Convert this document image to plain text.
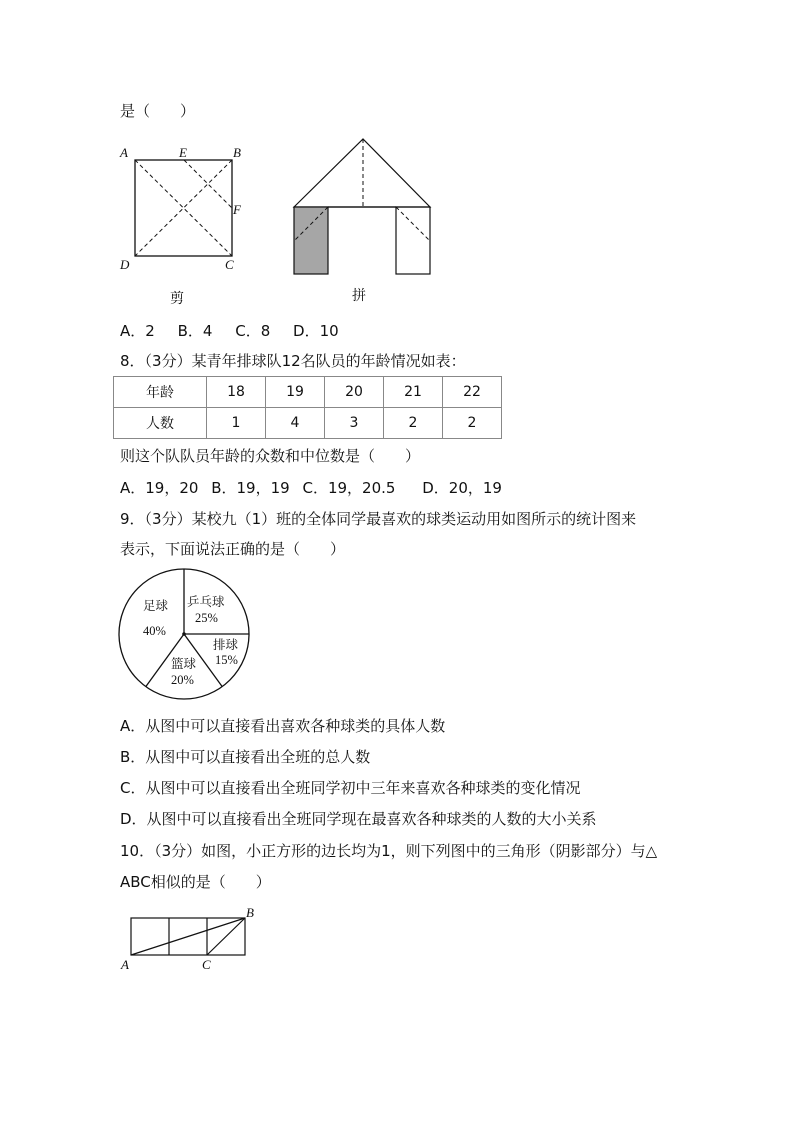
是（　　）
A	E	B
F
D	C
剪	拼
A．2 B．4 C．8 D．10
8．（3分）某青年排球队12名队员的年龄情况如表：
年龄	18	19	20	21	22
人数	1	4	3	2	2
则这个队队员年龄的众数和中位数是（　　）
A．19，20 B．19，19 C．19，20.5 D．20，19
9．（3分）某校九（1）班的全体同学最喜欢的球类运动用如图所示的统计图来
表示，下面说法正确的是（　　）
足球
40%
乒乓球
25%
排球
15%
篮球
20%
A．从图中可以直接看出喜欢各种球类的具体人数
B．从图中可以直接看出全班的总人数
C．从图中可以直接看出全班同学初中三年来喜欢各种球类的变化情况
D．从图中可以直接看出全班同学现在最喜欢各种球类的人数的大小关系
10．（3分）如图，小正方形的边长均为1，则下列图中的三角形（阴影部分）与△
ABC相似的是（　　）
A
B
C
